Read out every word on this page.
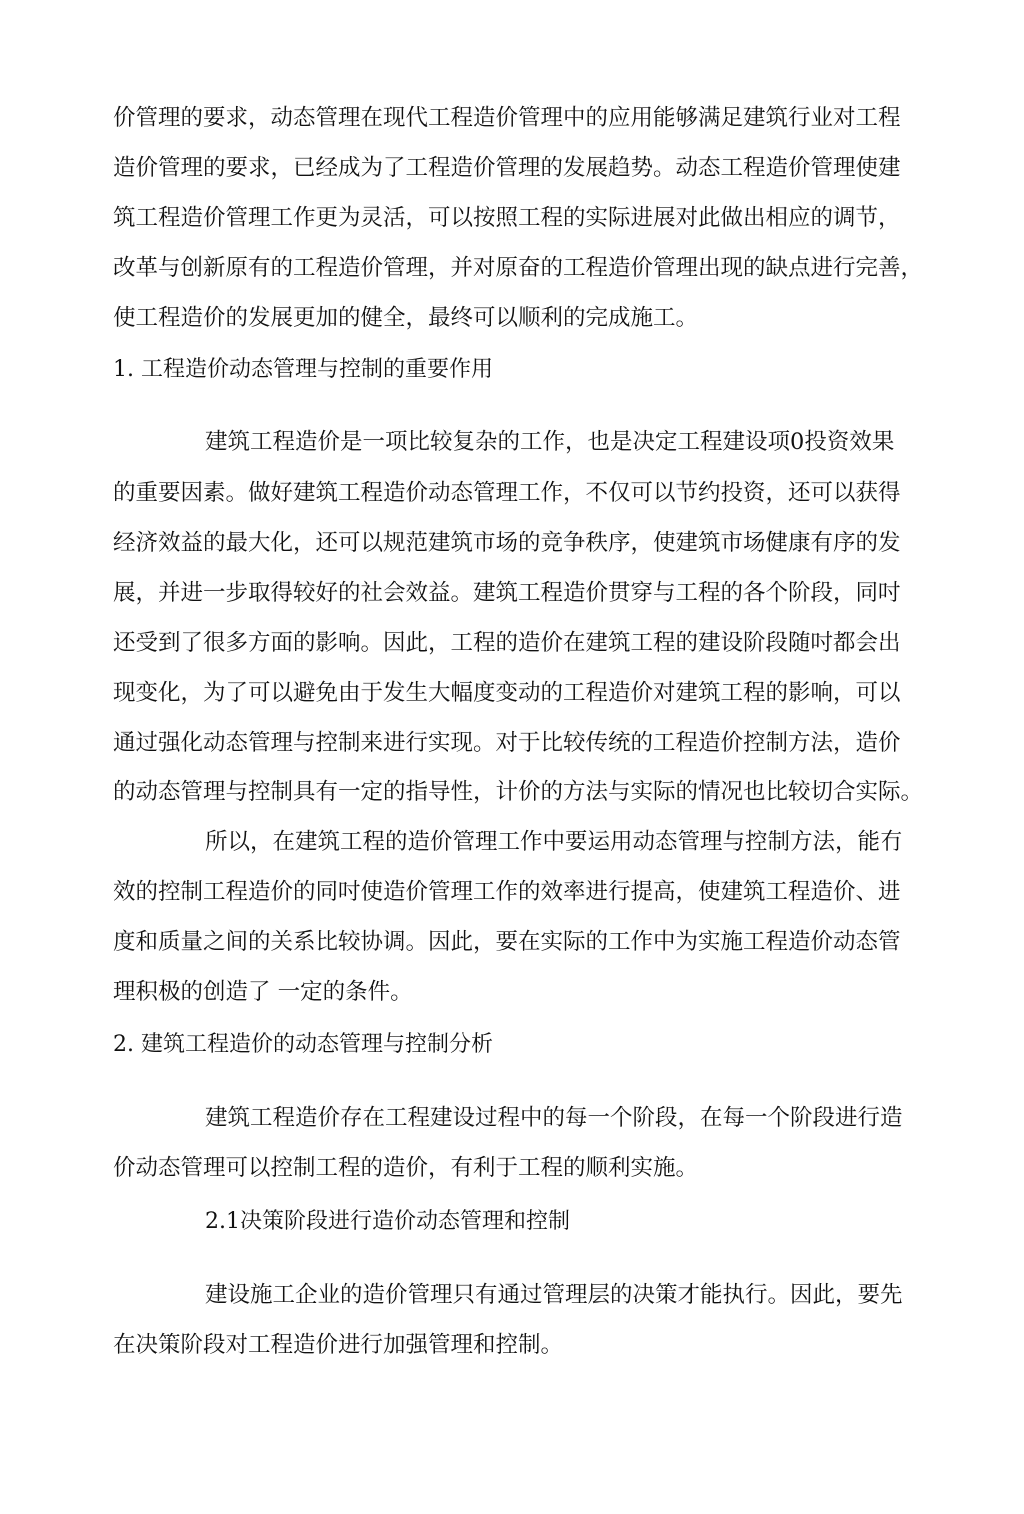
价管理的要求，动态管理在现代工程造价管理中的应用能够满足建筑行业对工程

造价管理的要求，已经成为了工程造价管理的发展趋势。动态工程造价管理使建

筑工程造价管理工作更为灵活，可以按照工程的实际进展对此做出相应的调节，

改革与创新原有的工程造价管理，并对原奋的工程造价管理出现的缺点进行完善，

使工程造价的发展更加的健全，最终可以顺利的完成施工。

1. 工程造价动态管理与控制的重要作用

建筑工程造价是一项比较复杂的工作，也是决定工程建设项0投资效果

的重要因素。做好建筑工程造价动态管理工作，不仅可以节约投资，还可以获得

经济效益的最大化，还可以规范建筑市场的竞争秩序，使建筑市场健康有序的发

展，并进一步取得较好的社会效益。建筑工程造价贯穿与工程的各个阶段，同吋

还受到了很多方面的影响。因此，工程的造价在建筑工程的建设阶段随吋都会出

现变化，为了可以避免由于发生大幅度变动的工程造价对建筑工程的影响，可以

通过强化动态管理与控制来进行实现。对于比较传统的工程造价控制方法，造价

的动态管理与控制具有一定的指导性，计价的方法与实际的情况也比较切合实际。

所以，在建筑工程的造价管理工作中要运用动态管理与控制方法，能冇

效的控制工程造价的同吋使造价管理工作的效率进行提高，使建筑工程造价、进

度和质量之间的关系比较协调。因此，要在实际的工作中为实施工程造价动态管

理积极的创造了 一定的条件。

2. 建筑工程造价的动态管理与控制分析

建筑工程造价存在工程建设过程中的每一个阶段，在每一个阶段进行造

价动态管理可以控制工程的造价，有利于工程的顺利实施。

2.1决策阶段进行造价动态管理和控制

建设施工企业的造价管理只有通过管理层的决策才能执行。因此，要先

在决策阶段对工程造价进行加强管理和控制。
